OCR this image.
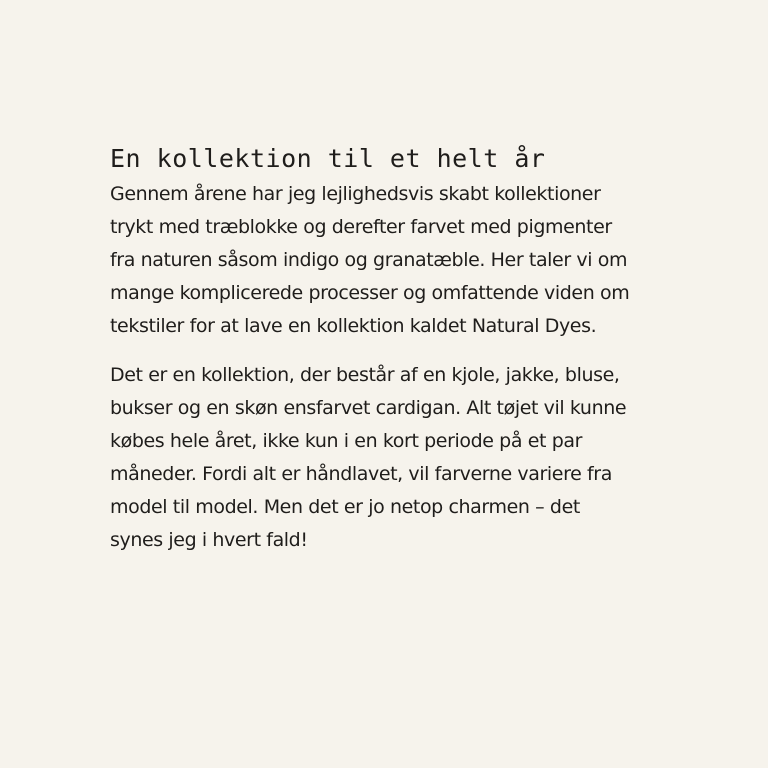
En kollektion til et helt år

Gennem årene har jeg lejlighedsvis skabt kollektioner
trykt med træblokke og derefter farvet med pigmenter
fra naturen såsom indigo og granatæble. Her taler vi om
mange komplicerede processer og omfattende viden om
tekstiler for at lave en kollektion kaldet Natural Dyes.

Det er en kollektion, der består af en kjole, jakke, bluse,
bukser og en skøn ensfarvet cardigan. Alt tøjet vil kunne
købes hele året, ikke kun i en kort periode på et par
måneder. Fordi alt er håndlavet, vil farverne variere fra
model til model. Men det er jo netop charmen – det
synes jeg i hvert fald!
